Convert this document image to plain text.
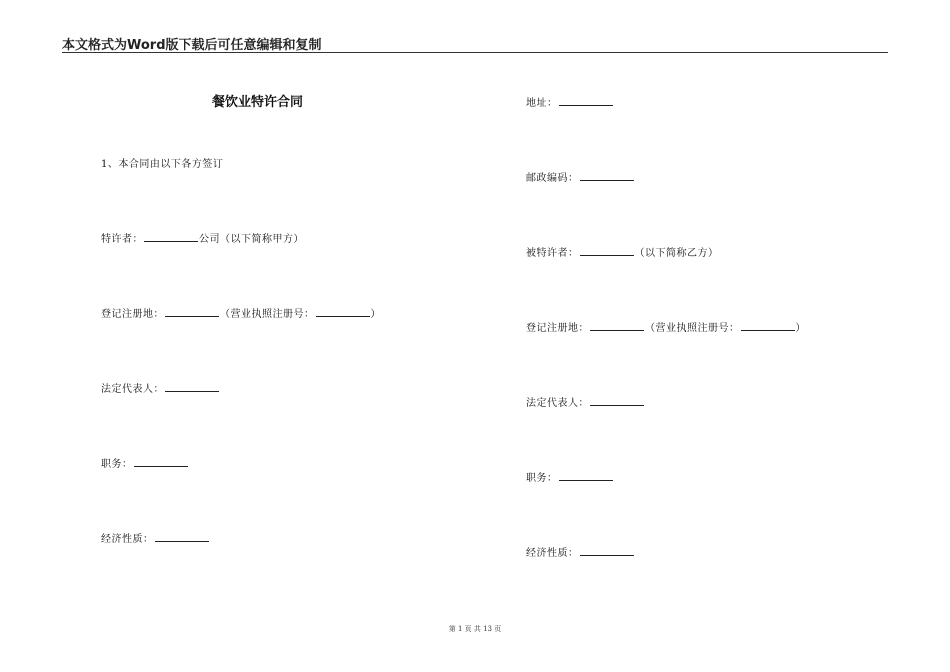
本文格式为Word版下载后可任意编辑和复制
餐饮业特许合同
1、本合同由以下各方签订
特许者：	公司（以下简称甲方）
登记注册地：	（营业执照注册号：	）
法定代表人：
职务：
经济性质：
地址：
邮政编码：
被特许者：	（以下简称乙方）
登记注册地：	（营业执照注册号：	）
法定代表人：
职务：
经济性质：
第 1 页 共 13 页
